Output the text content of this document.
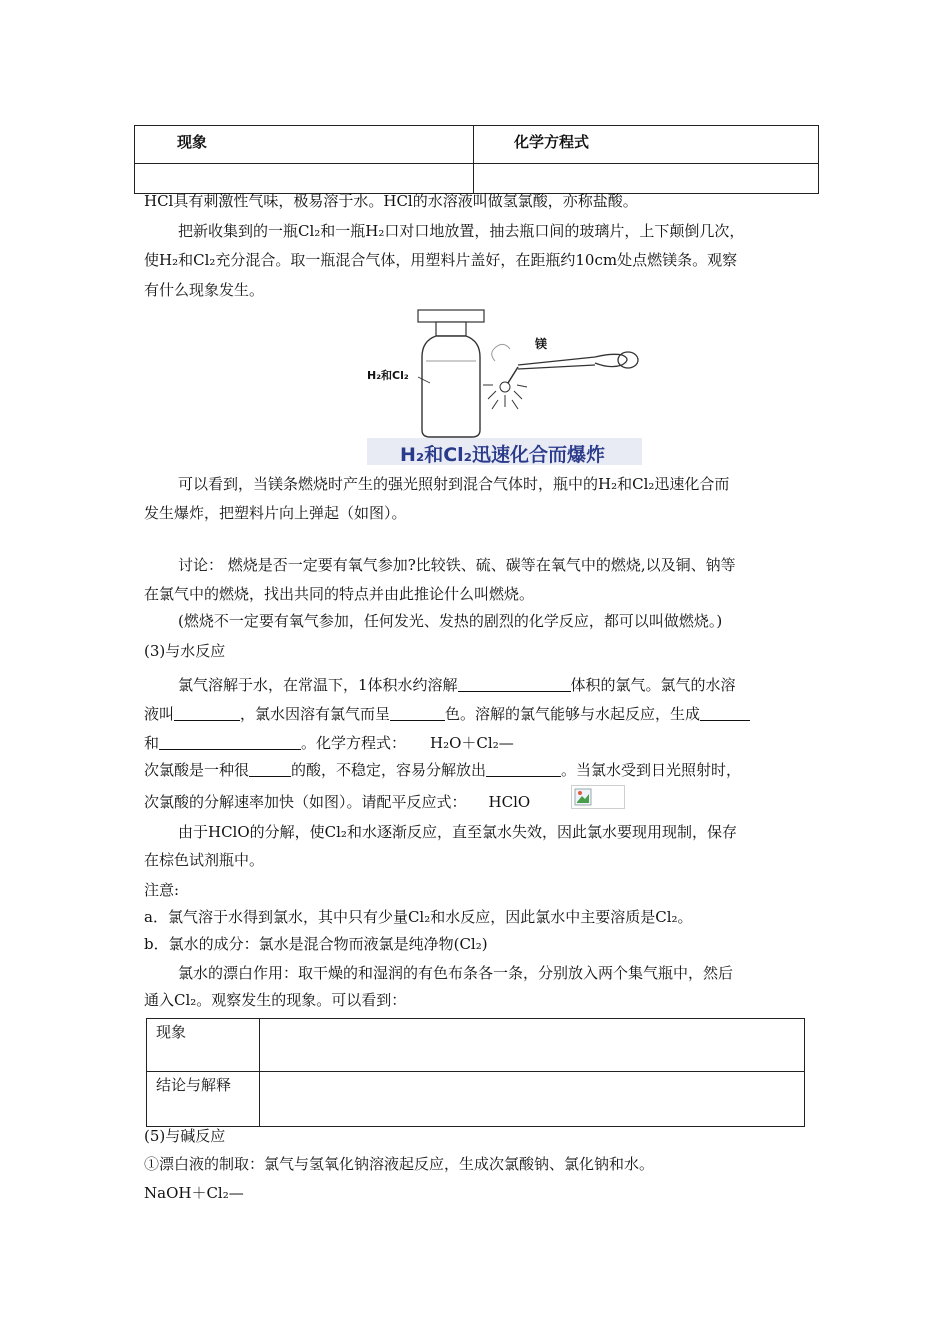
现象	化学方程式

HCl具有刺激性气味，极易溶于水。HCl的水溶液叫做氢氯酸，亦称盐酸。
把新收集到的一瓶Cl₂和一瓶H₂口对口地放置，抽去瓶口间的玻璃片，上下颠倒几次，
使H₂和Cl₂充分混合。取一瓶混合气体，用塑料片盖好，在距瓶约10cm处点燃镁条。观察
有什么现象发生。
H₂和Cl₂
镁
H₂和Cl₂迅速化合而爆炸
可以看到，当镁条燃烧时产生的强光照射到混合气体时，瓶中的H₂和Cl₂迅速化合而
发生爆炸，把塑料片向上弹起（如图）。
讨论： 燃烧是否一定要有氧气参加?比较铁、硫、碳等在氧气中的燃烧,以及铜、钠等
在氯气中的燃烧，找出共同的特点并由此推论什么叫燃烧。
(燃烧不一定要有氧气参加，任何发光、发热的剧烈的化学反应，都可以叫做燃烧。)
(3)与水反应
氯气溶解于水，在常温下，1体积水约溶解	体积的氯气。氯气的水溶
液叫	，氯水因溶有氯气而呈	色。溶解的氯气能够与水起反应，生成
和	。化学方程式： H₂O＋Cl₂—
次氯酸是一种很	的酸，不稳定，容易分解放出	。当氯水受到日光照射时，
次氯酸的分解速率加快（如图）。请配平反应式： HClO
由于HClO的分解，使Cl₂和水逐渐反应，直至氯水失效，因此氯水要现用现制，保存
在棕色试剂瓶中。
注意:
a．氯气溶于水得到氯水，其中只有少量Cl₂和水反应，因此氯水中主要溶质是Cl₂。
b．氯水的成分：氯水是混合物而液氯是纯净物(Cl₂)
氯水的漂白作用：取干燥的和湿润的有色布条各一条，分别放入两个集气瓶中，然后
通入Cl₂。观察发生的现象。可以看到：
现象	

结论与解释	

(5)与碱反应
①漂白液的制取：氯气与氢氧化钠溶液起反应，生成次氯酸钠、氯化钠和水。
NaOH＋Cl₂—
